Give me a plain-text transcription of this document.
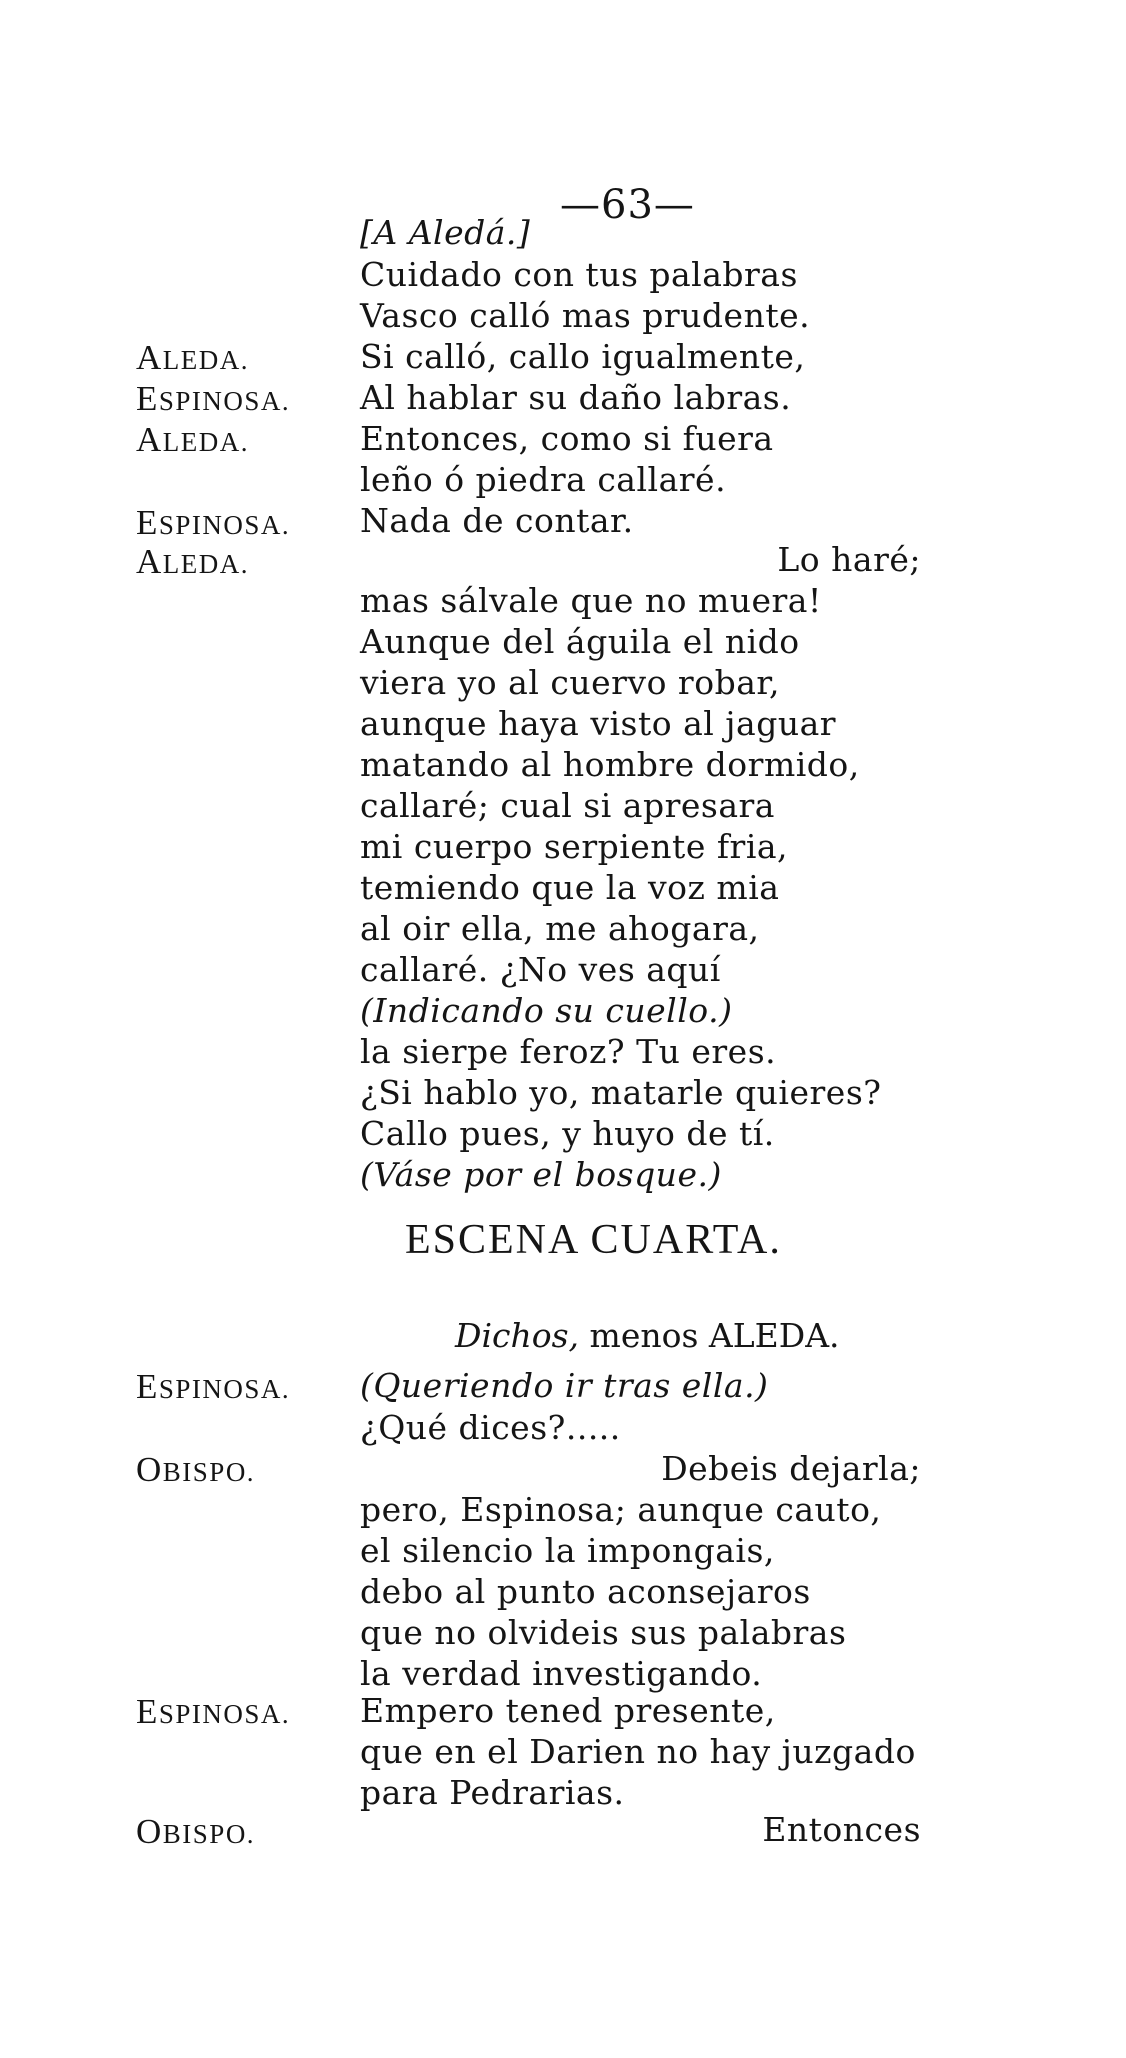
—63—
ALEDA.
ESPINOSA.
ALEDA.
ESPINOSA.
ALEDA.
ESPINOSA.
OBISPO.
ESPINOSA.
OBISPO.
[A Aledá.]
Cuidado con tus palabras
Vasco calló mas prudente.
Si calló, callo igualmente,
Al hablar su daño labras.
Entonces, como si fuera
leño ó piedra callaré.
Nada de contar.
Lo haré;
mas sálvale que no muera!
Aunque del águila el nido
viera yo al cuervo robar,
aunque haya visto al jaguar
matando al hombre dormido,
callaré; cual si apresara
mi cuerpo serpiente fria,
temiendo que la voz mia
al oir ella, me ahogara,
callaré. ¿No ves aquí
(Indicando su cuello.)
la sierpe feroz? Tu eres.
¿Si hablo yo, matarle quieres?
Callo pues, y huyo de tí.
(Váse por el bosque.)
ESCENA CUARTA.
Dichos, menos ALEDA.
(Queriendo ir tras ella.)
¿Qué dices?.....
Debeis dejarla;
pero, Espinosa; aunque cauto,
el silencio la impongais,
debo al punto aconsejaros
que no olvideis sus palabras
la verdad investigando.
Empero tened presente,
que en el Darien no hay juzgado
para Pedrarias.
Entonces
